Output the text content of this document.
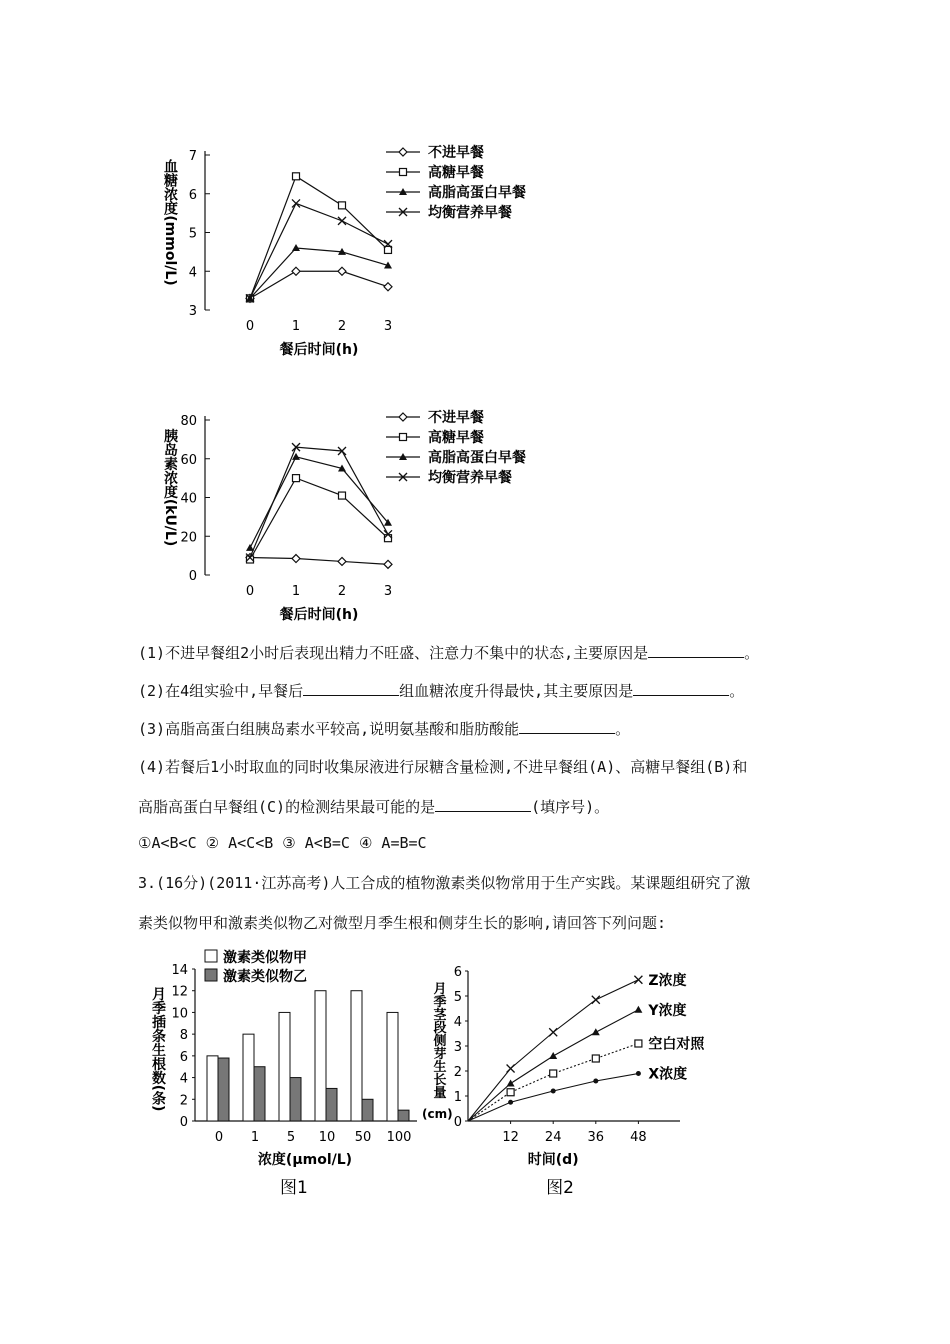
3
4
5
6
7
0	1	2	3
餐后时间(h)
血糖浓度(mmol/L)
不进早餐
高糖早餐
高脂高蛋白早餐
均衡营养早餐
0
20
40
60
80
0	1	2	3
餐后时间(h)
胰岛素浓度(kU/L)
不进早餐
高糖早餐
高脂高蛋白早餐
均衡营养早餐
(1)不进早餐组2小时后表现出精力不旺盛、注意力不集中的状态,主要原因是	。
(2)在4组实验中,早餐后	组血糖浓度升得最快,其主要原因是	。
(3)高脂高蛋白组胰岛素水平较高,说明氨基酸和脂肪酸能	。
(4)若餐后1小时取血的同时收集尿液进行尿糖含量检测,不进早餐组(A)、高糖早餐组(B)和
高脂高蛋白早餐组(C)的检测结果最可能的是	(填序号)。
①A<B<C ② A<C<B ③ A<B=C ④ A=B=C
3.(16分)(2011·江苏高考)人工合成的植物激素类似物常用于生产实践。某课题组研究了激
素类似物甲和激素类似物乙对微型月季生根和侧芽生长的影响,请回答下列问题:
0
2
4
6
8
10
12
14
0 1 5 10 50 100
浓度(μmol/L)
月季插条生根数(条)
图1
激素类似物甲
激素类似物乙
0
1
2
3
4
5
6
12 24 36 48
时间(d)
月季茎段侧芽生长量
(cm)
图2
Z浓度
Y浓度
空白对照
X浓度
